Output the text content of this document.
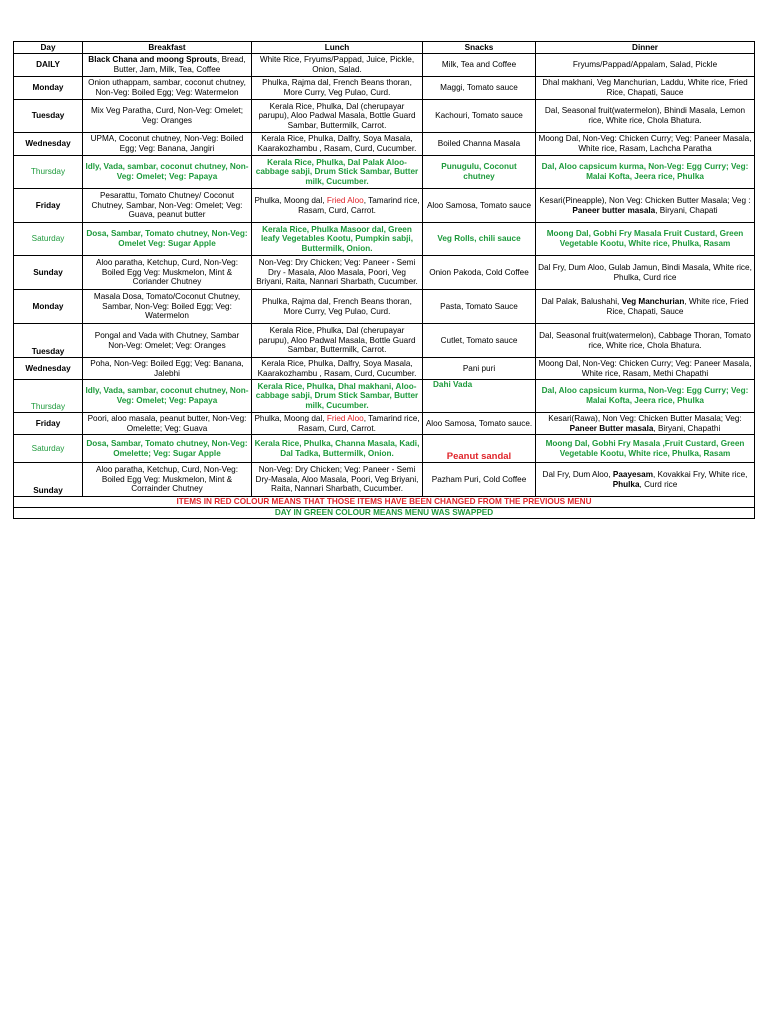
Day	Breakfast	Lunch	Snacks	Dinner
DAILY	Black Chana and moong Sprouts, Bread, Butter, Jam, Milk, Tea, Coffee	White Rice, Fryums/Pappad, Juice, Pickle, Onion, Salad.	Milk, Tea and Coffee	Fryums/Pappad/Appalam, Salad, Pickle
Monday	Onion uthappam, sambar, coconut chutney, Non-Veg: Boiled Egg; Veg: Watermelon	Phulka, Rajma dal, French Beans thoran, More Curry, Veg Pulao, Curd.	Maggi, Tomato sauce	Dhal makhani, Veg Manchurian, Laddu, White rice, Fried Rice, Chapati, Sauce
Tuesday	Mix Veg Paratha, Curd, Non-Veg: Omelet; Veg: Oranges	Kerala Rice, Phulka, Dal (cherupayar parupu), Aloo Padwal Masala, Bottle Guard Sambar, Buttermilk, Carrot.	Kachouri, Tomato sauce	Dal, Seasonal fruit(watermelon), Bhindi Masala, Lemon rice, White rice, Chola Bhatura.
Wednesday	UPMA, Coconut chutney, Non-Veg: Boiled Egg; Veg: Banana, Jangiri	Kerala Rice, Phulka, Dalfry, Soya Masala, Kaarakozhambu , Rasam, Curd, Cucumber.	Boiled Channa Masala	Moong Dal, Non-Veg: Chicken Curry; Veg: Paneer Masala, White rice, Rasam, Lachcha Paratha
Thursday	Idly, Vada, sambar, coconut chutney, Non-Veg: Omelet; Veg: Papaya	Kerala Rice, Phulka, Dal Palak Aloo-cabbage sabji, Drum Stick Sambar, Butter milk, Cucumber.	Punugulu, Coconut chutney	Dal, Aloo capsicum kurma, Non-Veg: Egg Curry; Veg: Malai Kofta, Jeera rice, Phulka
Friday	Pesarattu, Tomato Chutney/ Coconut Chutney, Sambar, Non-Veg: Omelet; Veg: Guava, peanut butter	Phulka, Moong dal, Fried Aloo, Tamarind rice, Rasam, Curd, Carrot.	Aloo Samosa, Tomato sauce	Kesari(Pineapple), Non Veg: Chicken Butter Masala; Veg : Paneer butter masala, Biryani, Chapati
Saturday	Dosa, Sambar, Tomato chutney, Non-Veg: Omelet Veg: Sugar Apple	Kerala Rice, Phulka Masoor dal, Green leafy Vegetables Kootu, Pumpkin sabji, Buttermilk, Onion.	Veg Rolls, chili sauce	Moong Dal, Gobhi Fry Masala Fruit Custard, Green Vegetable Kootu, White rice, Phulka, Rasam
Sunday	Aloo paratha, Ketchup, Curd, Non-Veg: Boiled Egg Veg: Muskmelon, Mint & Coriander Chutney	Non-Veg: Dry Chicken; Veg: Paneer - Semi Dry - Masala, Aloo Masala, Poori, Veg Briyani, Raita, Nannari Sharbath, Cucumber.	Onion Pakoda, Cold Coffee	Dal Fry, Dum Aloo, Gulab Jamun, Bindi Masala, White rice, Phulka, Curd rice
Monday	Masala Dosa, Tomato/Coconut Chutney, Sambar, Non-Veg: Boiled Egg; Veg: Watermelon	Phulka, Rajma dal, French Beans thoran, More Curry, Veg Pulao, Curd.	Pasta, Tomato Sauce	Dal Palak, Balushahi, Veg Manchurian, White rice, Fried Rice, Chapati, Sauce
Tuesday	Pongal and Vada with Chutney, Sambar Non-Veg: Omelet; Veg: Oranges	Kerala Rice, Phulka, Dal (cherupayar parupu), Aloo Padwal Masala, Bottle Guard Sambar, Buttermilk, Carrot.	Cutlet, Tomato sauce	Dal, Seasonal fruit(watermelon), Cabbage Thoran, Tomato rice, White rice, Chola Bhatura.
Wednesday	Poha, Non-Veg: Boiled Egg; Veg: Banana, Jalebhi	Kerala Rice, Phulka, Dalfry, Soya Masala, Kaarakozhambu , Rasam, Curd, Cucumber.	Pani puri	Moong Dal, Non-Veg: Chicken Curry; Veg: Paneer Masala, White rice, Rasam, Methi Chapathi
Thursday	Idly, Vada, sambar, coconut chutney, Non-Veg: Omelet; Veg: Papaya	Kerala Rice, Phulka, Dhal makhani, Aloo-cabbage sabji, Drum Stick Sambar, Butter milk, Cucumber.	Dahi Vada	Dal, Aloo capsicum kurma, Non-Veg: Egg Curry; Veg: Malai Kofta, Jeera rice, Phulka
Friday	Poori, aloo masala, peanut butter, Non-Veg: Omelette; Veg: Guava	Phulka, Moong dal, Fried Aloo, Tamarind rice, Rasam, Curd, Carrot.	Aloo Samosa, Tomato sauce.	Kesari(Rawa), Non Veg: Chicken Butter Masala; Veg: Paneer Butter masala, Biryani, Chapathi
Saturday	Dosa, Sambar, Tomato chutney, Non-Veg: Omelette; Veg: Sugar Apple	Kerala Rice, Phulka, Channa Masala, Kadi, Dal Tadka, Buttermilk, Onion.	Peanut sandal	Moong Dal, Gobhi Fry Masala ,Fruit Custard, Green Vegetable Kootu, White rice, Phulka, Rasam
Sunday	Aloo paratha, Ketchup, Curd, Non-Veg: Boiled Egg Veg: Muskmelon, Mint & Corrainder Chutney	Non-Veg: Dry Chicken; Veg: Paneer - Semi Dry-Masala, Aloo Masala, Poori, Veg Briyani, Raita, Nannari Sharbath, Cucumber.	Pazham Puri, Cold Coffee	Dal Fry, Dum Aloo, Paayesam, Kovakkai Fry, White rice, Phulka, Curd rice
ITEMS IN RED COLOUR MEANS THAT THOSE ITEMS HAVE BEEN CHANGED FROM THE PREVIOUS MENU				
DAY IN GREEN COLOUR MEANS MENU WAS SWAPPED				
